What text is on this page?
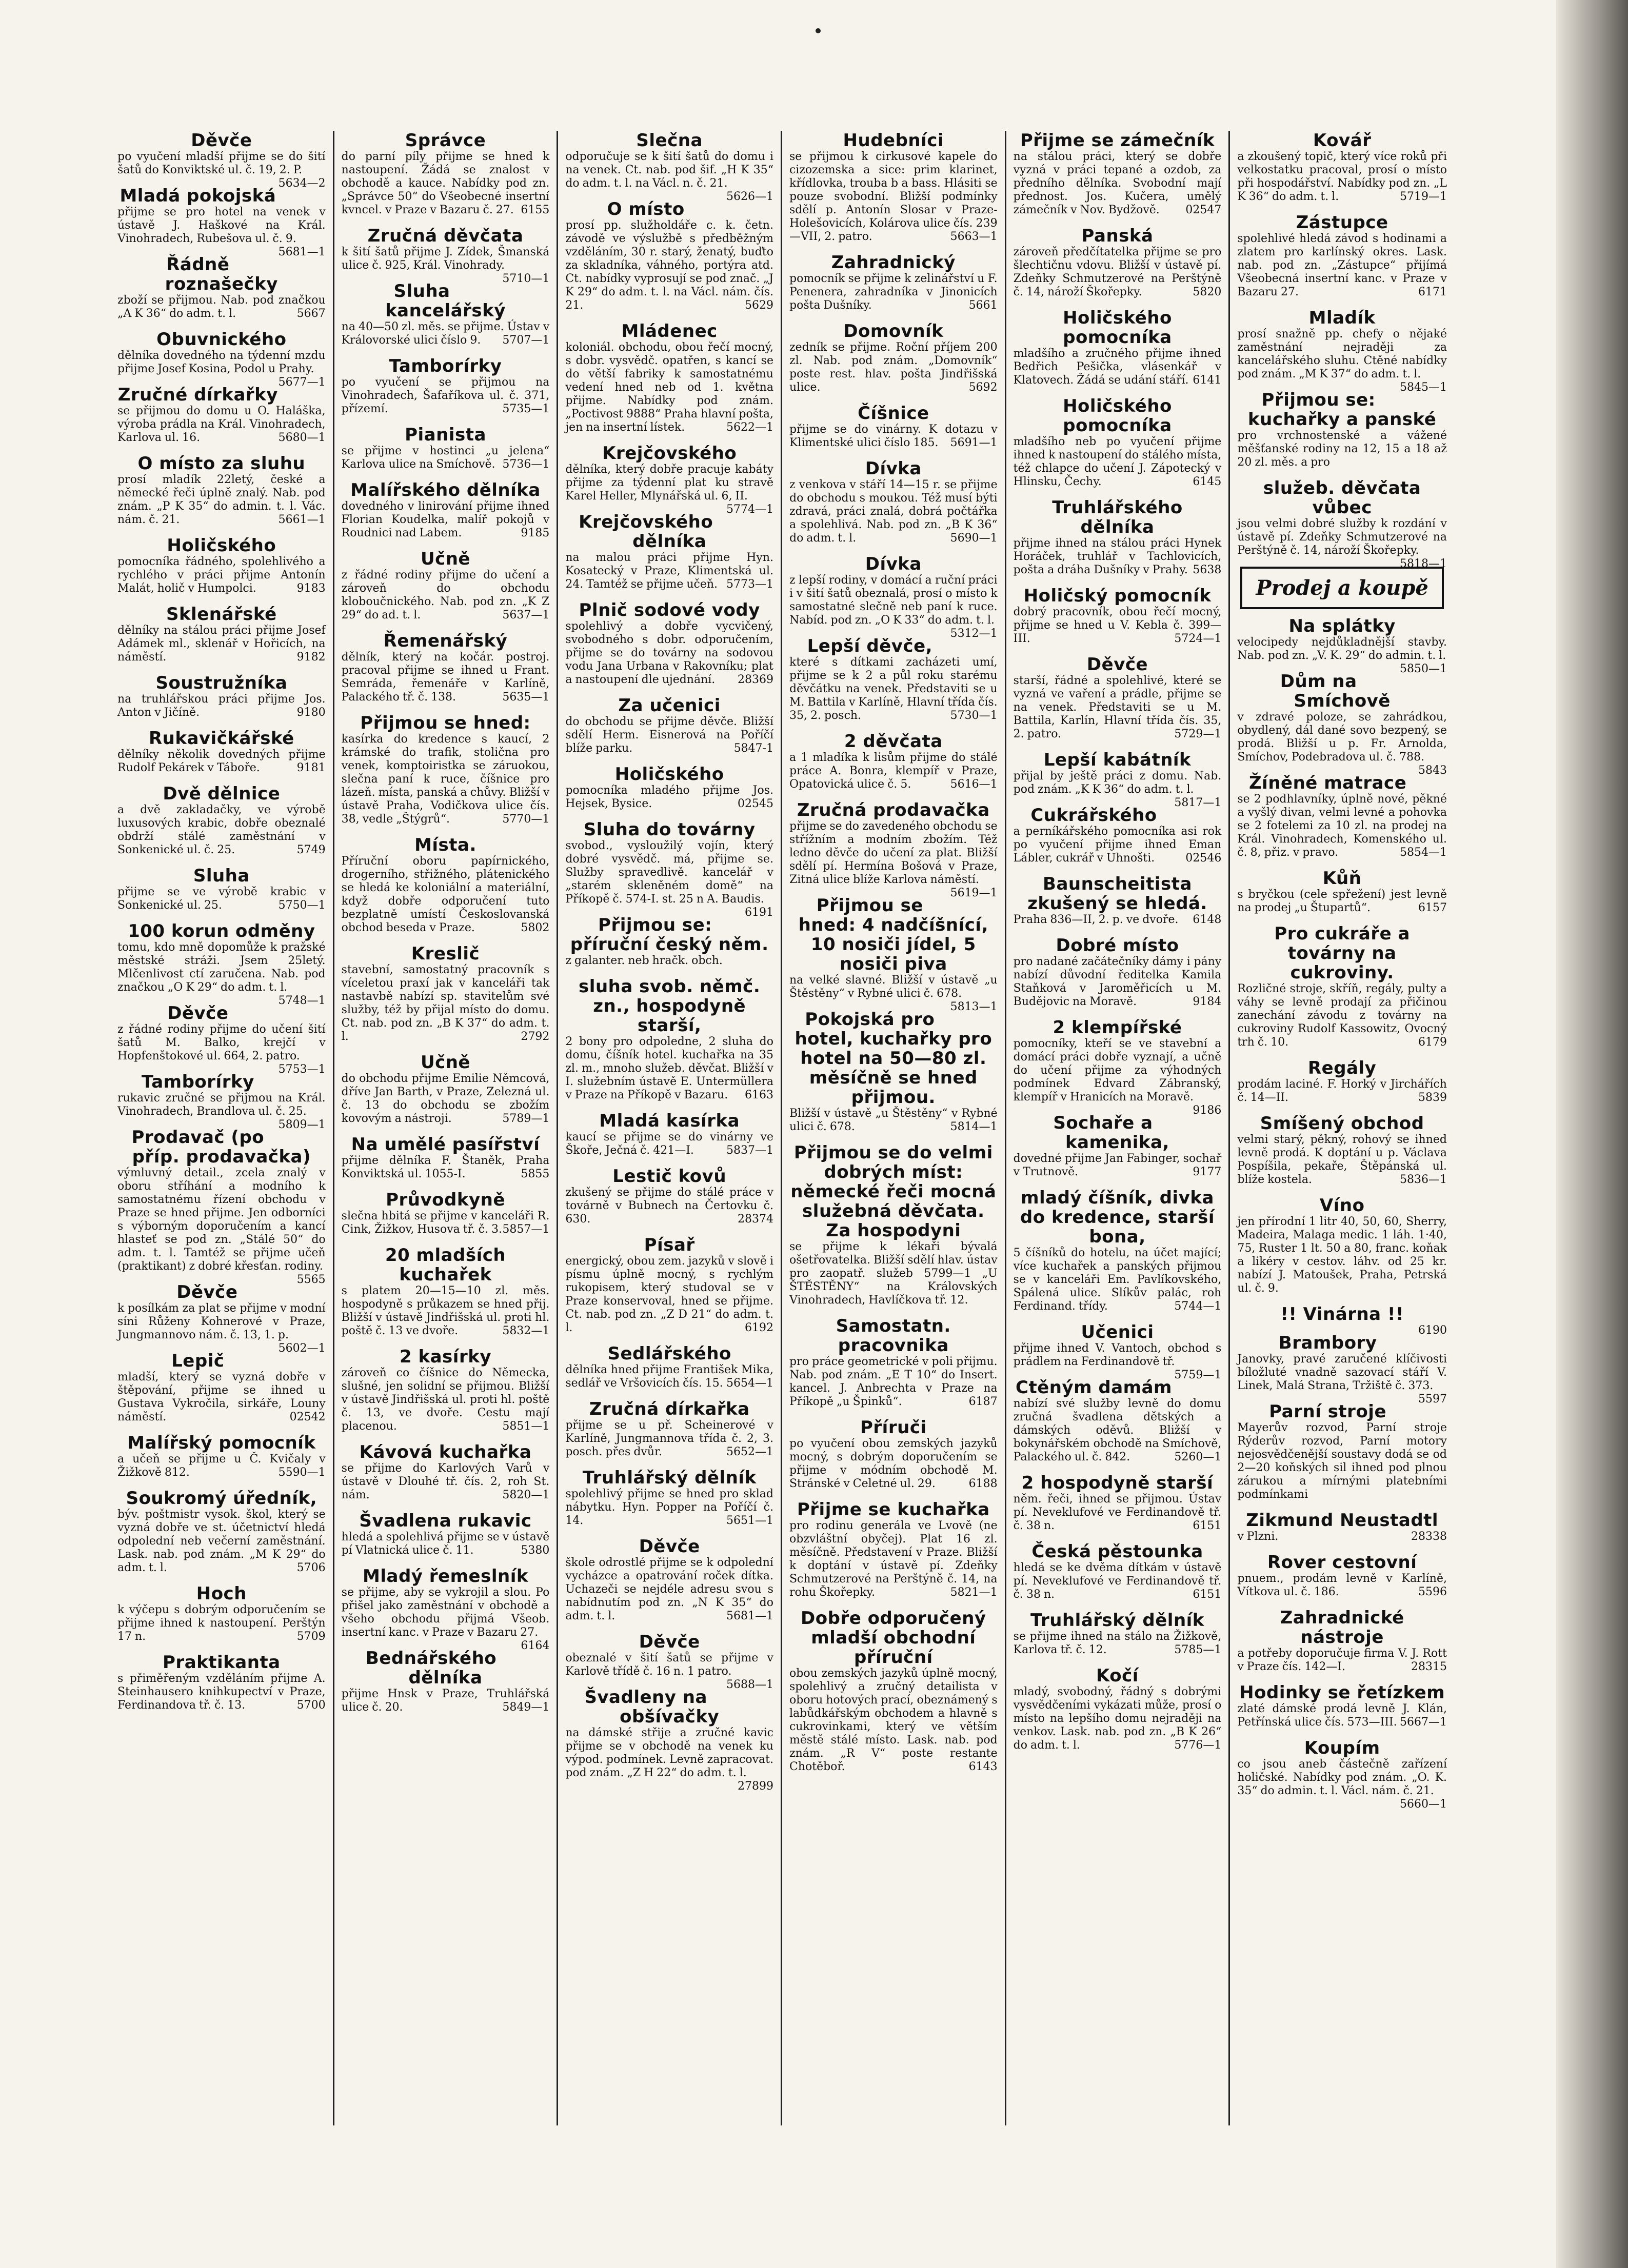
Děvče
po vyučení mladší přijme se do šití šatů do Konviktské ul. č. 19, 2. P.
5634—2
Mladá pokojská
přijme se pro hotel na venek v ústavě J. Haškové na Král. Vinohradech, Rubešova ul. č. 9.
5681—1
Řádně roznašečky
zboží se přijmou. Nab. pod značkou „A K 36“ do adm. t. l.	5667
Obuvnického
dělníka dovedného na týdenní mzdu přijme Josef Kosina, Podol u Prahy.
5677—1
Zručné dírkařky
se přijmou do domu u O. Haláška, výroba prádla na Král. Vinohradech, Karlova ul. 16.	5680—1
O místo za sluhu
prosí mladík 22letý, české a německé řeči úplně znalý. Nab. pod znám. „P K 35“ do admin. t. l. Vác. nám. č. 21.	5661—1
Holičského
pomocníka řádného, spolehlivého a rychlého v práci přijme Antonín Malát, holič v Humpolci.	9183
Sklenářské
dělníky na stálou práci přijme Josef Adámek ml., sklenář v Hořicích, na náměstí.	9182
Soustružníka
na truhlářskou práci přijme Jos. Anton v Jičíně.	9180
Rukavičkářské
dělníky několik dovedných přijme Rudolf Pekárek v Táboře.	9181
Dvě dělnice
a dvě zakladačky, ve výrobě luxusových krabic, dobře obeznalé obdrží stálé zaměstnání v Sonkenické ul. č. 25.	5749
Sluha
přijme se ve výrobě krabic v Sonkenické ul. 25.	5750—1
100 korun odměny
tomu, kdo mně dopomůže k pražské městské stráži. Jsem 25letý. Mlčenlivost ctí zaručena. Nab. pod značkou „O K 29“ do adm. t. l.
5748—1
Děvče
z řádné rodiny přijme do učení šití šatů M. Balko, krejčí v Hopfenštokové ul. 664, 2. patro.
5753—1
Tamborírky
rukavic zručné se přijmou na Král. Vinohradech, Brandlova ul. č. 25.
5809—1
Prodavač (po příp. prodavačka)
výmluvný detail., zcela znalý v oboru stříhání a modního k samostatnému řízení obchodu v Praze se hned přijme. Jen odborníci s výborným doporučením a kancí hlasteť se pod zn. „Stálé 50“ do adm. t. l. Tamtéž se přijme učeň (praktikant) z dobré křesťan. rodiny.
5565
Děvče
k posílkám za plat se přijme v modní síni Růženy Kohnerové v Praze, Jungmannovo nám. č. 13, 1. p.
5602—1
Lepič
mladší, který se vyzná dobře v štěpování, přijme se ihned u Gustava Vykročila, sirkáře, Louny náměstí.	02542
Malířský pomocník
a učeň se přijme u Č. Kvičaly v Žižkově 812.	5590—1
Soukromý úředník,
býv. poštmistr vysok. škol, který se vyzná dobře ve st. účetnictví hledá odpolední neb večerní zaměstnání. Lask. nab. pod znám. „M K 29“ do adm. t. l.	5706
Hoch
k výčepu s dobrým odporučením se přijme ihned k nastoupení. Perštýn 17 n.	5709
Praktikanta
s přiměřeným vzděláním přijme A. Steinhausero knihkupectví v Praze, Ferdinandova tř. č. 13.	5700
Správce
do parní píly přijme se hned k nastoupení. Žádá se znalost v obchodě a kauce. Nabídky pod zn. „Správce 50“ do Všeobecné insertní kvncel. v Praze v Bazaru č. 27. 6155
Zručná děvčata
k šití šatů přijme J. Zídek, Šmanská ulice č. 925, Král. Vinohrady.
5710—1
Sluha kancelářský
na 40—50 zl. měs. se přijme. Ústav v Královorské ulici číslo 9. 5707—1
Tamborírky
po vyučení se přijmou na Vinohradech, Šafaříkova ul. č. 371, přízemí.	5735—1
Pianista
se přijme v hostinci „u jelena“ Karlova ulice na Smíchově. 5736—1
Malířského dělníka
dovedného v linirování přijme ihned Florian Koudelka, malíř pokojů v Roudnici nad Labem.	9185
Učně
z řádné rodiny přijme do učení a zároveň do obchodu kloboučnického. Nab. pod zn. „K Z 29“ do ad. t. l.	5637—1
Řemenářský
dělník, který na kočár. postroj. pracoval přijme se ihned u Frant. Semráda, řemenáře v Karlíně, Palackého tř. č. 138.	5635—1
Přijmou se hned:
kasírka do kredence s kaucí, 2 krámské do trafik, stolična pro venek, komptoiristka se záruokou, slečna paní k ruce, číšnice pro lázeň. místa, panská a chůvy. Bližší v ústavě Praha, Vodičkova ulice čís. 38, vedle „Štýgrů“.	5770—1
Místa.
Příruční oboru papírnického, drogerního, střižného, plátenického se hledá ke koloniální a materiální, když dobře odporučení tuto bezplatně umístí Českoslovanská obchod beseda v Praze.	5802
Kreslič
stavební, samostatný pracovník s víceletou praxí jak v kanceláři tak nastavbě nabízí sp. stavitelům své služby, též by přijal místo do domu. Ct. nab. pod zn. „B K 37“ do adm. t. l.	2792
Učně
do obchodu přijme Emilie Němcová, dříve Jan Barth, v Praze, Zelezná ul. č. 13 do obchodu se zbožím kovovým a nástroji.	5789—1
Na umělé pasířství
přijme dělníka F. Štaněk, Praha Konviktská ul. 1055-I.	5855
Průvodkyně
slečna hbitá se přijme v kanceláři R. Cink, Žižkov, Husova tř. č. 3. 5857—1
20 mladších kuchařek
s platem 20—15—10 zl. měs. hospodyně s průkazem se hned přij. Bližší v ústavě Jindřišská ul. proti hl. poště č. 13 ve dvoře.	5832—1
2 kasírky
zároveň co číšnice do Německa, slušné, jen solidní se přijmou. Bližší v ústavě Jindřišská ul. proti hl. poště č. 13, ve dvoře. Cestu mají placenou.	5851—1
Kávová kuchařka
se přijme do Karlových Varů v ústavě v Dlouhé tř. čís. 2, roh St. nám.	5820—1
Švadlena rukavic
hledá a spolehlivá přijme se v ústavě pí Vlatnická ulice č. 11.	5380
Mladý řemeslník
se přijme, aby se vykrojil a slou. Po přišel jako zaměstnání v obchodě a všeho obchodu přijmá Všeob. insertní kanc. v Praze v Bazaru 27.
6164
Bednářského dělníka
přijme Hnsk v Praze, Truhlářská ulice č. 20.	5849—1
Slečna
odporučuje se k šití šatů do domu i na venek. Ct. nab. pod šif. „H K 35“ do adm. t. l. na Václ. n. č. 21.
5626—1
O místo
prosí pp. služholdáře c. k. četn. závodě ve výslužbě s předběžným vzděláním, 30 r. starý, ženatý, buďto za skladníka, váhného, portýra atd. Ct. nabídky vyprosují se pod znač. „J K 29“ do adm. t. l. na Václ. nám. čís. 21.	5629
Mládenec
koloniál. obchodu, obou řečí mocný, s dobr. vysvědč. opatřen, s kancí se do větší fabriky k samostatnému vedení hned neb od 1. května přijme. Nabídky pod znám. „Poctivost 9888“ Praha hlavní pošta, jen na insertní lístek.	5622—1
Krejčovského
dělníka, který dobře pracuje kabáty přijme za týdenní plat ku stravě Karel Heller, Mlynářská ul. 6, II.
5774—1
Krejčovského dělníka
na malou práci přijme Hyn. Kosatecký v Praze, Klimentská ul. 24. Tamtéž se přijme učeň. 5773—1
Plnič sodové vody
spolehlivý a dobře vycvičený, svobodného s dobr. odporučením, přijme se do továrny na sodovou vodu Jana Urbana v Rakovníku; plat a nastoupení dle ujednání. 28369
Za učenici
do obchodu se přijme děvče. Bližší sdělí Herm. Eisnerová na Poříčí blíže parku.	5847-1
Holičského
pomocníka mladého přijme Jos. Hejsek, Bysice.	02545
Sluha do továrny
svobod., vysloužilý vojín, který dobré vysvědč. má, přijme se. Služby spravedlivě. kancelář v „starém skleněném domě“ na Příkopě č. 574-I. st. 25 n A. Baudis.
6191
Přijmou se: příruční český něm.
z galanter. neb hračk. obch.
sluha svob. němč. zn., hospodyně starší,
2 bony pro odpoledne, 2 sluha do domu, číšník hotel. kuchařka na 35 zl. m., mnoho služeb. děvčat. Bližší v I. služebním ústavě E. Untermüllera v Praze na Příkopě v Bazaru. 6163
Mladá kasírka
kaucí se přijme se do vinárny ve Škoře, Ječná č. 421—I.	5837—1
Lestič kovů
zkušený se přijme do stálé práce v továrně v Bubnech na Čertovku č. 630.	28374
Písař
energický, obou zem. jazyků v slově i písmu úplně mocný, s rychlým rukopisem, který studoval se v Praze konservoval, hned se přijme. Ct. nab. pod zn. „Z D 21“ do adm. t. l.	6192
Sedlářského
dělníka hned přijme František Mika, sedlář ve Vršovicích čís. 15. 5654—1
Zručná dírkařka
přijme se u př. Scheinerové v Karlíně, Jungmannova třída č. 2, 3. posch. přes dvůr.	5652—1
Truhlářský dělník
spolehlivý přijme se hned pro sklad nábytku. Hyn. Popper na Poříčí č. 14.	5651—1
Děvče
škole odrostlé přijme se k odpolední vycházce a opatrování roček dítka. Uchazeči se nejdéle adresu svou s nabídnutím pod zn. „N K 35“ do adm. t. l.	5681—1
Děvče
obeznalé v šití šatů se přijme v Karlově třídě č. 16 n. 1 patro.
5688—1
Švadleny na obšívačky
na dámské střije a zručné kavic přijme se v obchodě na venek ku výpod. podmínek. Levně zapracovat. pod znám. „Z H 22“ do adm. t. l.
27899
Hudebníci
se přijmou k cirkusové kapele do cizozemska a sice: prim klarinet, křídlovka, trouba b a bass. Hlásiti se pouze svobodní. Bližší podmínky sdělí p. Antonín Slosar v Praze-Holešovicích, Kolárova ulice čís. 239—VII, 2. patro.	5663—1
Zahradnický
pomocník se přijme k zelinářství u F. Penenera, zahradníka v Jinonicích pošta Dušníky.	5661
Domovník
zedník se přijme. Roční příjem 200 zl. Nab. pod znám. „Domovník“ poste rest. hlav. pošta Jindřišská ulice.	5692
Číšnice
přijme se do vinárny. K dotazu v Klimentské ulici číslo 185. 5691—1
Dívka
z venkova v stáří 14—15 r. se přijme do obchodu s moukou. Též musí býti zdravá, práci znalá, dobrá počtářka a spolehlivá. Nab. pod zn. „B K 36“ do adm. t. l.	5690—1
Dívka
z lepší rodiny, v domácí a ruční práci i v šití šatů obeznalá, prosí o místo k samostatné slečně neb paní k ruce. Nabíd. pod zn. „O K 33“ do adm. t. l.
5312—1
Lepší děvče,
které s dítkami zacházeti umí, přijme se k 2 a půl roku starému děvčátku na venek. Představiti se u M. Battila v Karlíně, Hlavní třída čís. 35, 2. posch.	5730—1
2 děvčata
a 1 mladíka k lisům přijme do stálé práce A. Bonra, klempíř v Praze, Opatovická ulice č. 5.	5616—1
Zručná prodavačka
přijme se do zavedeného obchodu se střížním a modním zbožím. Též ledno děvče do učení za plat. Bližší sdělí pí. Hermína Bošová v Praze, Zitná ulice blíže Karlova náměstí.
5619—1
Přijmou se hned: 4 nadčíšnící, 10 nosiči jídel, 5 nosiči piva
na velké slavné. Bližší v ústavě „u Štěstěny“ v Rybné ulici č. 678.
5813—1
Pokojská pro hotel, kuchařky pro hotel na 50—80 zl. měsíčně se hned přijmou.
Bližší v ústavě „u Štěstěny“ v Rybné ulici č. 678.	5814—1
Přijmou se do velmi dobrých míst: německé řeči mocná služebná děvčata. Za hospodyni
se přijme k lékaři bývalá ošetřovatelka. Bližší sdělí hlav. ústav pro zaopatř. služeb 5799—1 „U ŠTĚSTĚNY“ na Královských Vinohradech, Havlíčkova tř. 12.
Samostatn. pracovnika
pro práce geometrické v poli přijmu. Nab. pod znám. „E T 10“ do Insert. kancel. J. Anbrechta v Praze na Příkopě „u Špinků“.	6187
Příruči
po vyučení obou zemských jazyků mocný, s dobrým doporučením se přijme v módním obchodě M. Stránské v Celetné ul. 29.	6188
Přijme se kuchařka
pro rodinu generála ve Lvově (ne obzvláštní obyčej). Plat 16 zl. měsíčně. Představení v Praze. Bližší k doptání v ústavě pí. Zdeňky Schmutzerové na Perštýně č. 14, na rohu Škořepky.	5821—1
Dobře odporučený mladší obchodní příruční
obou zemských jazyků úplně mocný, spolehlivý a zručný detailista v oboru hotových prací, obeznámený s labůdkářským obchodem a hlavně s cukrovinkami, který ve větším městě stálé místo. Lask. nab. pod znám. „R V“ poste restante Chotěboř.	6143
Přijme se zámečník
na stálou práci, který se dobře vyzná v práci tepané a ozdob, za předního dělníka. Svobodní mají přednost. Jos. Kučera, umělý zámečník v Nov. Bydžově. 02547
Panská
zároveň předčítatelka přijme se pro šlechtičnu vdovu. Bližší v ústavě pí. Zdeňky Schmutzerové na Perštýně č. 14, nároží Škořepky.	5820
Holičského pomocníka
mladšího a zručného přijme ihned Bedřich Pešička, vlásenkář v Klatovech. Žádá se udání stáří. 6141
Holičského pomocníka
mladšího neb po vyučení přijme ihned k nastoupení do stálého místa, též chlapce do učení J. Zápotecký v Hlinsku, Čechy.	6145
Truhlářského dělníka
přijme ihned na stálou práci Hynek Horáček, truhlář v Tachlovicích, pošta a dráha Dušníky v Prahy. 5638
Holičský pomocník
dobrý pracovník, obou řečí mocný, přijme se hned u V. Kebla č. 399—III.	5724—1
Děvče
starší, řádné a spolehlivé, které se vyzná ve vaření a prádle, přijme se na venek. Představiti se u M. Battila, Karlín, Hlavní třída čís. 35, 2. patro.	5729—1
Lepší kabátník
přijal by ještě práci z domu. Nab. pod znám. „K K 36“ do adm. t. l.
5817—1
Cukrářského
a perníkářského pomocníka asi rok po vyučení přijme ihned Eman Lábler, cukrář v Uhnošti.	02546
Baunscheitista zkušený se hledá.
Praha 836—II, 2. p. ve dvoře. 6148
Dobré místo
pro nadané začátečníky dámy i pány nabízí důvodní ředitelka Kamila Staňková v Jaroměřicích u M. Budějovic na Moravě.	9184
2 klempířské
pomocníky, kteří se ve stavební a domácí práci dobře vyznají, a učně do učení přijme za výhodných podmínek Edvard Zábranský, klempíř v Hranicích na Moravě.
9186
Sochaře a kamenika,
dovedné přijme Jan Fabinger, sochař v Trutnově.	9177
mladý číšník, divka do kredence, starší bona,
5 číšníků do hotelu, na účet mající; více kuchařek a panských přijmou se v kanceláři Em. Pavlíkovského, Spálená ulice. Slíkův palác, roh Ferdinand. třídy.	5744—1
Učenici
přijme ihned V. Vantoch, obchod s prádlem na Ferdinandově tř.
5759—1
Ctěným damám
nabízí své služby levně do domu zručná švadlena dětských a dámských oděvů. Bližší v bokynářském obchodě na Smíchově, Palackého ul. č. 842.	5260—1
2 hospodyně starší
něm. řeči, ihned se přijmou. Ústav pí. Neveklufové ve Ferdinandově tř. č. 38 n.	6151
Česká pěstounka
hledá se ke dvěma dítkám v ústavě pí. Neveklufové ve Ferdinandově tř. č. 38 n.	6151
Truhlářský dělník
se přijme ihned na stálo na Žižkově, Karlova tř. č. 12.	5785—1
Kočí
mladý, svobodný, řádný s dobrými vysvědčeními vykázati může, prosí o místo na lepšího domu nejraději na venkov. Lask. nab. pod zn. „B K 26“ do adm. t. l.	5776—1
Kovář
a zkoušený topič, který více roků při velkostatku pracoval, prosí o místo při hospodářství. Nabídky pod zn. „L K 36“ do adm. t. l.	5719—1
Zástupce
spolehlivé hledá závod s hodinami a zlatem pro karlínský okres. Lask. nab. pod zn. „Zástupce“ přijímá Všeobecná insertní kanc. v Praze v Bazaru 27.	6171
Mladík
prosí snažně pp. chefy o nějaké zaměstnání nejraději za kancelářského sluhu. Ctěné nabídky pod znám. „M K 37“ do adm. t. l.
5845—1
Přijmou se: kuchařky a panské
pro vrchnostenské a vážené měšťanské rodiny na 12, 15 a 18 až 20 zl. měs. a pro
služeb. děvčata vůbec
jsou velmi dobré služby k rozdání v ústavě pí. Zdeňky Schmutzerové na Perštýně č. 14, nároží Škořepky.
5818—1
Prodej a koupě
Na splátky
velocipedy nejdůkladnější stavby. Nab. pod zn. „V. K. 29“ do admin. t. l.
5850—1
Dům na Smíchově
v zdravé poloze, se zahrádkou, obydlený, dál dané sovo bezpený, se prodá. Bližší u p. Fr. Arnolda, Smíchov, Podebradova ul. č. 788.
5843
Žíněné matrace
se 2 podhlavníky, úplně nové, pěkné a vyšlý divan, velmi levné a pohovka se 2 fotelemi za 10 zl. na prodej na Král. Vinohradech, Komenského ul. č. 8, přiz. v pravo.	5854—1
Kůň
s bryčkou (cele spřežení) jest levně na prodej „u Štupartů“.	6157
Pro cukráře a továrny na cukroviny.
Rozličné stroje, skříň, regály, pulty a váhy se levně prodají za přičinou zanechání závodu z továrny na cukroviny Rudolf Kassowitz, Ovocný trh č. 10.	6179
Regály
prodám laciné. F. Horký v Jirchářích č. 14—II.	5839
Smíšený obchod
velmi starý, pěkný, rohový se ihned levně prodá. K doptání u p. Václava Pospíšila, pekaře, Štěpánská ul. blíže kostela.	5836—1
Víno
jen přírodní 1 litr 40, 50, 60, Sherry, Madeira, Malaga medic. 1 láh. 1·40, 75, Ruster 1 lt. 50 a 80, franc. koňak a likéry v cestov. láhv. od 25 kr. nabízí J. Matoušek, Praha, Petrská ul. č. 9.
!! Vinárna !!
6190
Brambory
Janovky, pravé zaručené klíčivosti bíložluté vnadně sazovací stáří V. Linek, Malá Strana, Tržiště č. 373.
5597
Parní stroje
Mayerův rozvod, Parní stroje Rýderův rozvod, Parní motory nejosvědčenější soustavy dodá se od 2—20 koňských sil ihned pod plnou zárukou a mírnými platebními podmínkami
Zikmund Neustadtl
v Plzni.	28338
Rover cestovní
pnuem., prodám levně v Karlíně, Vítkova ul. č. 186.	5596
Zahradnické nástroje
a potřeby doporučuje firma V. J. Rott v Praze čís. 142—I.	28315
Hodinky se řetízkem
zlaté dámské prodá levně J. Klán, Petřínská ulice čís. 573—III. 5667—1
Koupím
co jsou aneb částečně zařízení holičské. Nabídky pod znám. „O. K. 35“ do admin. t. l. Václ. nám. č. 21.
5660—1
